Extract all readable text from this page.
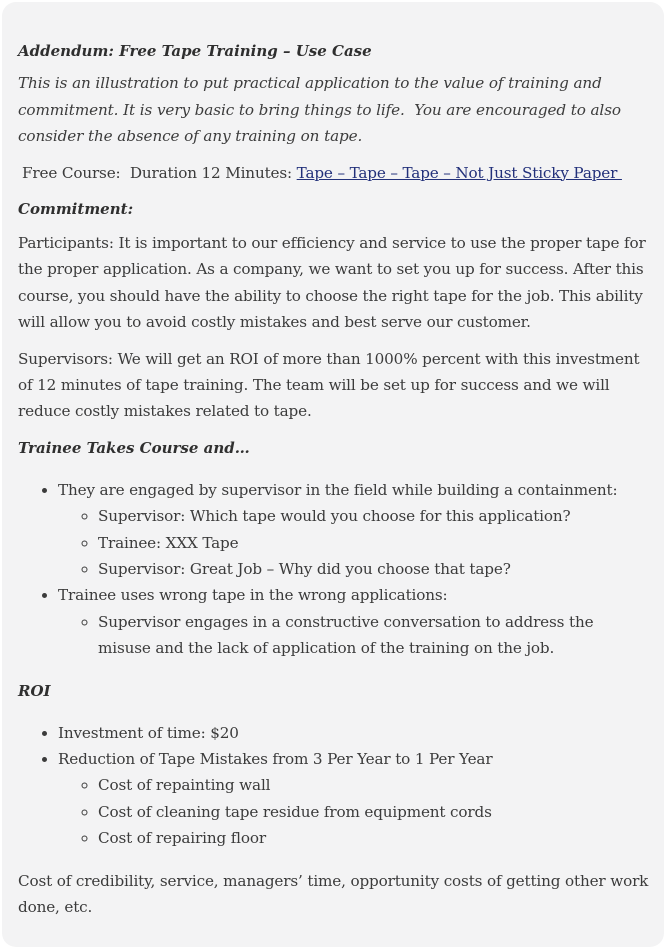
Addendum: Free Tape Training – Use Case

This is an illustration to put practical application to the value of training and commitment. It is very basic to bring things to life.  You are encouraged to also consider the absence of any training on tape.

Free Course:  Duration 12 Minutes: Tape – Tape – Tape – Not Just Sticky Paper

Commitment:

Participants: It is important to our efficiency and service to use the proper tape for the proper application. As a company, we want to set you up for success. After this course, you should have the ability to choose the right tape for the job. This ability will allow you to avoid costly mistakes and best serve our customer.

Supervisors: We will get an ROI of more than 1000% percent with this investment of 12 minutes of tape training. The team will be set up for success and we will reduce costly mistakes related to tape.

Trainee Takes Course and…
• They are engaged by supervisor in the field while building a containment:
◦ Supervisor: Which tape would you choose for this application?
◦ Trainee: XXX Tape
◦ Supervisor: Great Job – Why did you choose that tape?
• Trainee uses wrong tape in the wrong applications:
◦ Supervisor engages in a constructive conversation to address the misuse and the lack of application of the training on the job.
ROI
• Investment of time: $20
• Reduction of Tape Mistakes from 3 Per Year to 1 Per Year
◦ Cost of repainting wall
◦ Cost of cleaning tape residue from equipment cords
◦ Cost of repairing floor

Cost of credibility, service, managers’ time, opportunity costs of getting other work done, etc.
